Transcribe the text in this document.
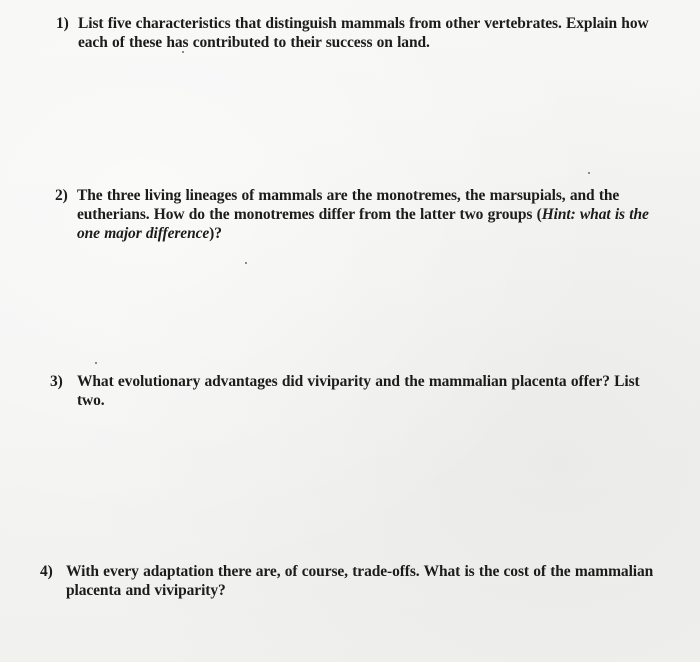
1) List five characteristics that distinguish mammals from other vertebrates. Explain how each of these has contributed to their success on land.
2) The three living lineages of mammals are the monotremes, the marsupials, and the eutherians. How do the monotremes differ from the latter two groups (Hint: what is the one major difference)?
3) What evolutionary advantages did viviparity and the mammalian placenta offer? List two.
4) With every adaptation there are, of course, trade-offs. What is the cost of the mammalian placenta and viviparity?
